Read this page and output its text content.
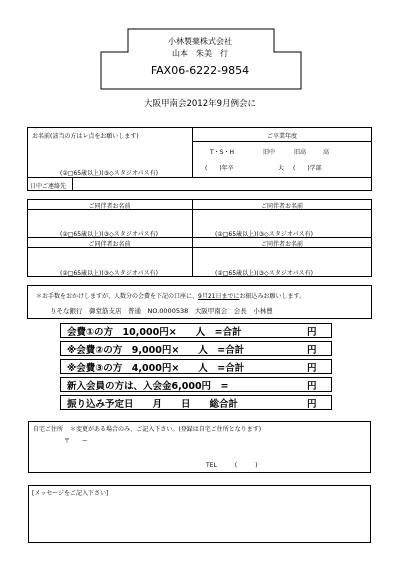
小林製薬株式会社
山本　朱美　行
FAX06-6222-9854
大阪甲南会2012年9月例会に
お名前(該当の方はレ点をお願いします)	ご卒業年度
T・S・H	旧中	旧高	高
(　　)年卒	大 (　　)学部
(②□65歳以上)(③◇スタジオパス有)
日中ご連絡先
ご同伴者お名前	ご同伴者お名前
(②□65歳以上)(③◇スタジオパス有)	(②□65歳以上)(③◇スタジオパス有)
ご同伴者お名前	ご同伴者お名前
(②□65歳以上)(③◇スタジオパス有)	(②□65歳以上)(③◇スタジオパス有)
＊お手数をおかけしますが、人数分の会費を下記の口座に、9月21日までにお振込みお願いします。
りそな銀行　御堂筋支店　普通　NO.0000538　大阪甲南会　会長　小林豊
会費①の方　10,000円×　　人　=合計	円
※会費②の方　9,000円×　　人　=合計	円
※会費③の方　4,000円×　　人　=合計	円
新入会員の方は、入会金6,000円　=	円
振り込み予定日　　月　　日　　総合計	円
自宅ご住所 ＊変更がある場合のみ、ご記入下さい。(登録は自宅ご住所となります)
〒　　ー
TEL　　　(　　　)
[メッセージをご記入下さい]
